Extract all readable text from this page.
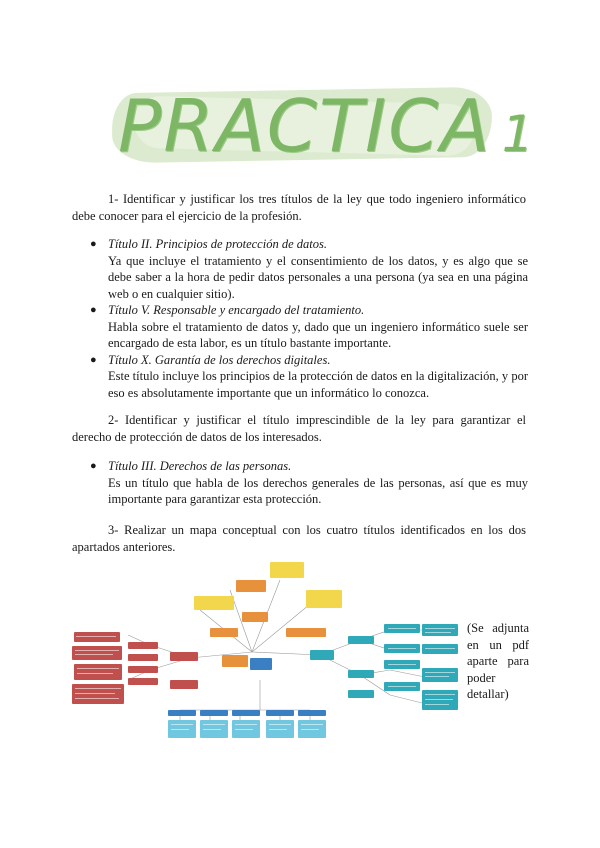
PRACTICA 1

1- Identificar y justificar los tres títulos de la ley que todo ingeniero informático debe conocer para el ejercicio de la profesión.

● Título II. Principios de protección de datos.
Ya que incluye el tratamiento y el consentimiento de los datos, y es algo que se debe saber a la hora de pedir datos personales a una persona (ya sea en una página web o en cualquier sitio).
● Título V. Responsable y encargado del tratamiento.
Habla sobre el tratamiento de datos y, dado que un ingeniero informático suele ser encargado de esta labor, es un título bastante importante.
● Título X. Garantía de los derechos digitales.
Este título incluye los principios de la protección de datos en la digitalización, y por eso es absolutamente importante que un informático lo conozca.

2- Identificar y justificar el título imprescindible de la ley para garantizar el derecho de protección de datos de los interesados.

● Título III. Derechos de las personas.
Es un título que habla de los derechos generales de las personas, así que es muy importante para garantizar esta protección.

3- Realizar un mapa conceptual con los cuatro títulos identificados en los dos apartados anteriores.

(Se adjunta en un pdf aparte para poder detallar)
